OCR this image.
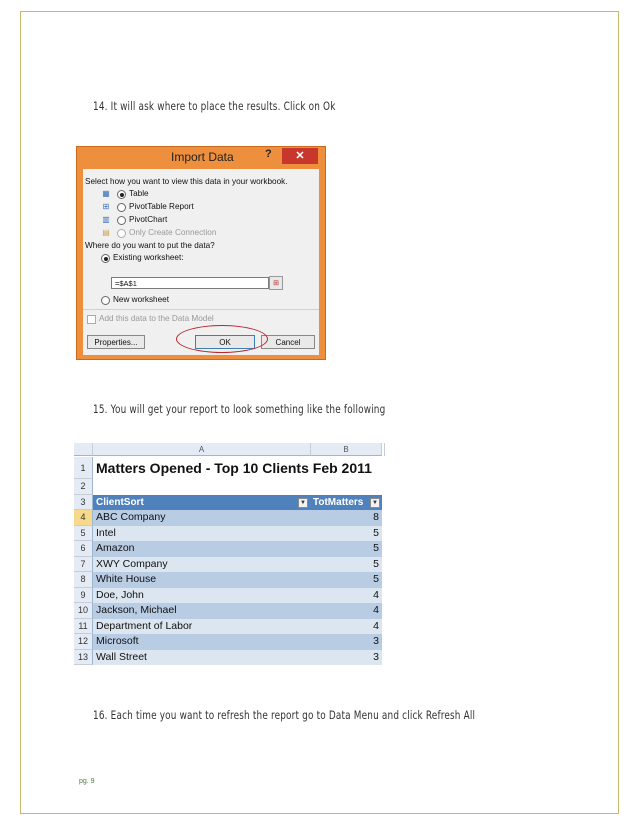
14. It will ask where to place the results. Click on Ok
Import Data	?	✕
Select how you want to view this data in your workbook.
▦ Table
⊞ PivotTable Report
▥ PivotChart
▤ Only Create Connection
Where do you want to put the data?
Existing worksheet:
=$A$1	⊞
New worksheet
Add this data to the Data Model
Properties...	OK	Cancel
15. You will get your report to look something like the following
A	B
1 Matters Opened - Top 10 Clients Feb 2011
2
3	ClientSort	▼ TotMatters	▼
4	ABC Company	8
5	Intel	5
6	Amazon	5
7	XWY Company	5
8	White House	5
9	Doe, John	4
10 Jackson, Michael	4
11 Department of Labor	4
12 Microsoft	3
13 Wall Street	3
16. Each time you want to refresh the report go to Data Menu and click Refresh All
pg. 9
